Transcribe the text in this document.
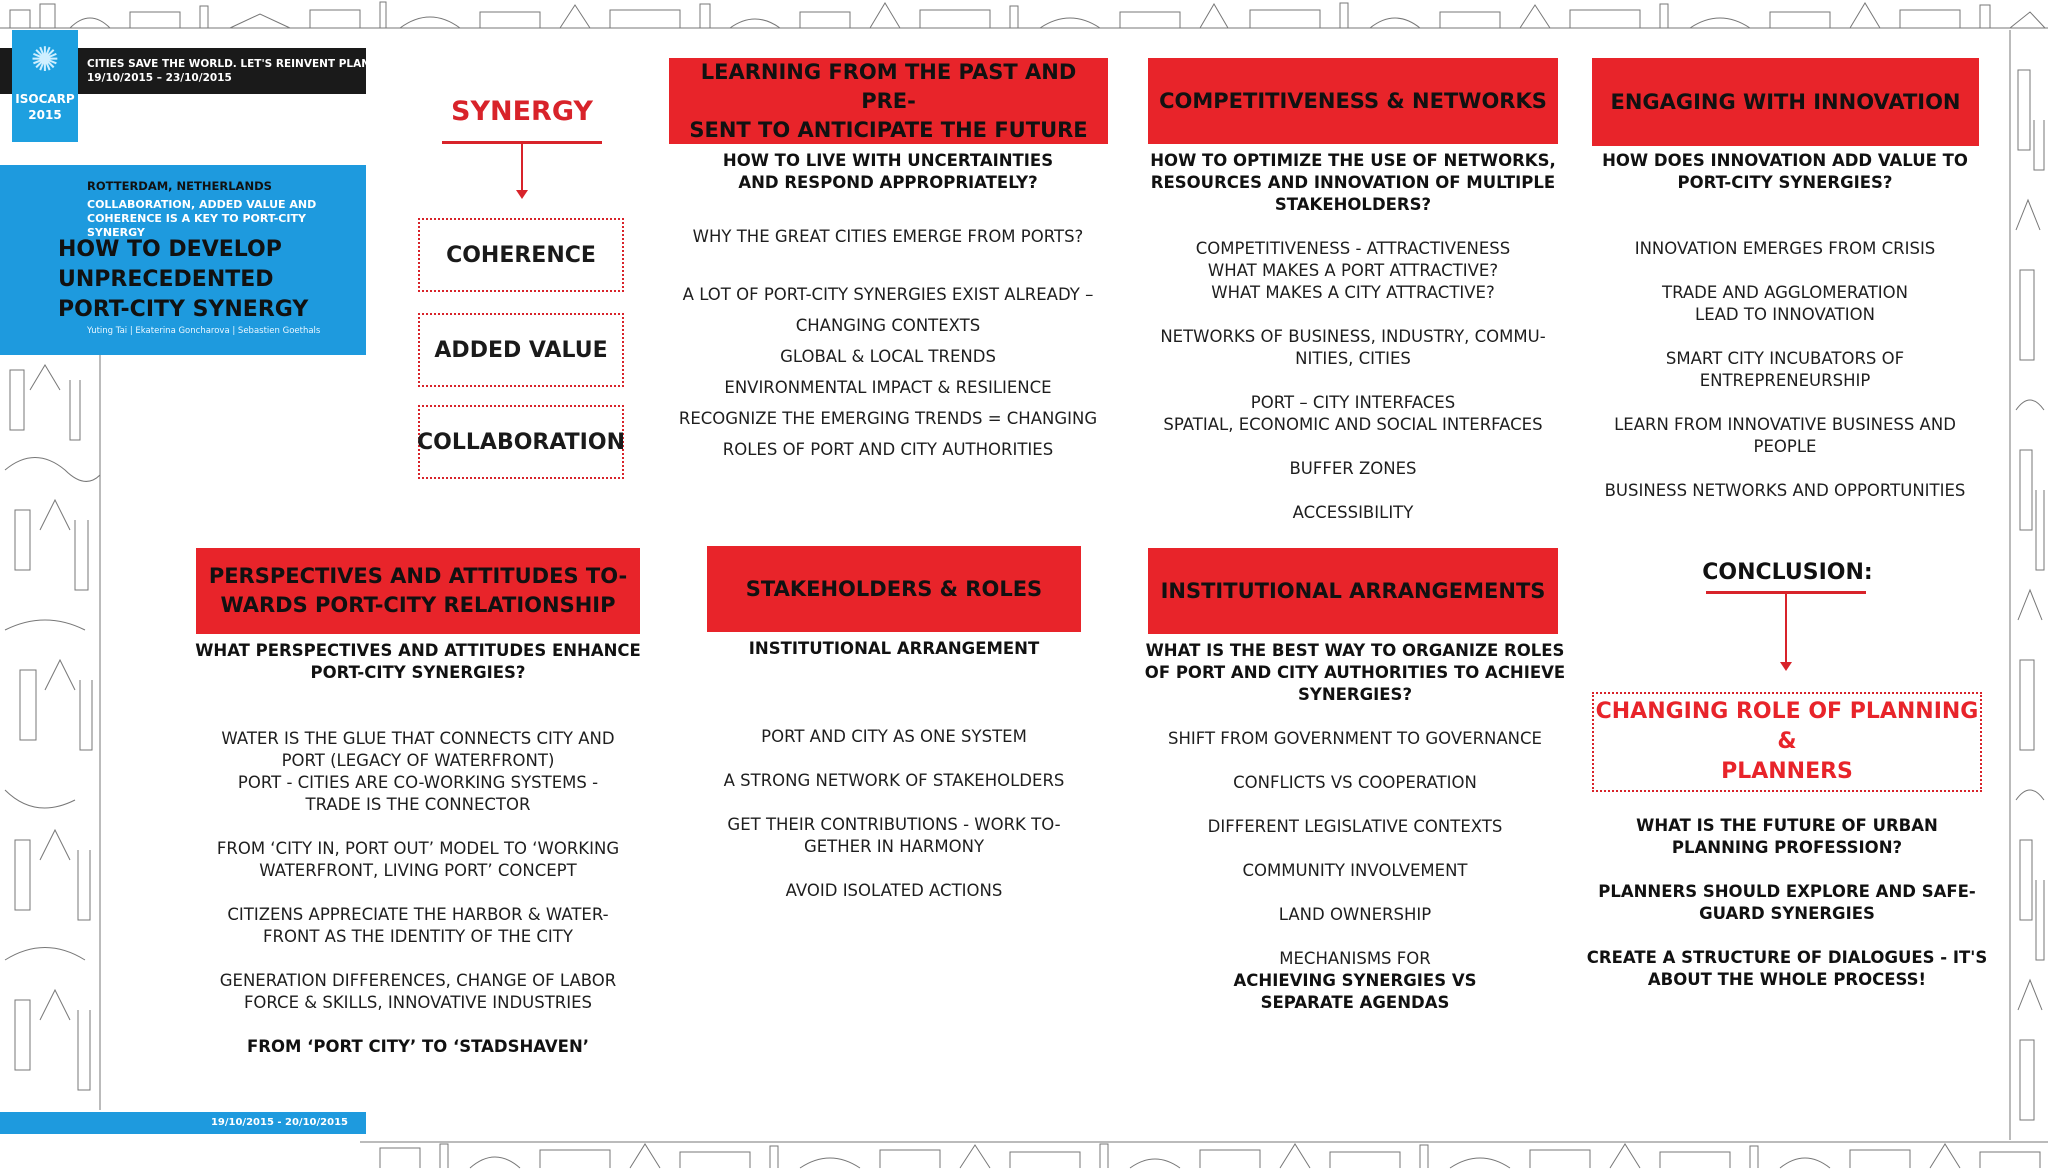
CITIES SAVE THE WORLD. LET'S REINVENT PLANNING.
19/10/2015 – 23/10/2015
✺
ISOCARP
2015
ROTTERDAM, NETHERLANDS
COLLABORATION, ADDED VALUE AND COHERENCE IS A KEY TO PORT-CITY SYNERGY
HOW TO DEVELOP
UNPRECEDENTED
PORT-CITY SYNERGY
Yuting Tai | Ekaterina Goncharova | Sebastien Goethals
19/10/2015 - 20/10/2015
SYNERGY
COHERENCE
ADDED VALUE
COLLABORATION
LEARNING FROM THE PAST AND PRE-
SENT TO ANTICIPATE THE FUTURE
COMPETITIVENESS & NETWORKS	ENGAGING WITH INNOVATION
HOW TO LIVE WITH UNCERTAINTIES
AND RESPOND APPROPRIATELY?
WHY THE GREAT CITIES EMERGE FROM PORTS?
A LOT OF PORT-CITY SYNERGIES EXIST ALREADY –
CHANGING CONTEXTS
GLOBAL & LOCAL TRENDS
ENVIRONMENTAL IMPACT & RESILIENCE
RECOGNIZE THE EMERGING TRENDS = CHANGING
ROLES OF PORT AND CITY AUTHORITIES
HOW TO OPTIMIZE THE USE OF NETWORKS,
RESOURCES AND INNOVATION OF MULTIPLE
STAKEHOLDERS?
COMPETITIVENESS - ATTRACTIVENESS
WHAT MAKES A PORT ATTRACTIVE?
WHAT MAKES A CITY ATTRACTIVE?
NETWORKS OF BUSINESS, INDUSTRY, COMMU-
NITIES, CITIES
PORT – CITY INTERFACES
SPATIAL, ECONOMIC AND SOCIAL INTERFACES
BUFFER ZONES
ACCESSIBILITY
HOW DOES INNOVATION ADD VALUE TO
PORT-CITY SYNERGIES?
INNOVATION EMERGES FROM CRISIS
TRADE AND AGGLOMERATION
LEAD TO INNOVATION
SMART CITY INCUBATORS OF
ENTREPRENEURSHIP
LEARN FROM INNOVATIVE BUSINESS AND
PEOPLE
BUSINESS NETWORKS AND OPPORTUNITIES
PERSPECTIVES AND ATTITUDES TO-
WARDS PORT-CITY RELATIONSHIP
STAKEHOLDERS & ROLES	INSTITUTIONAL ARRANGEMENTS
WHAT PERSPECTIVES AND ATTITUDES ENHANCE
PORT-CITY SYNERGIES?
WATER IS THE GLUE THAT CONNECTS CITY AND
PORT (LEGACY OF WATERFRONT)
PORT - CITIES ARE CO-WORKING SYSTEMS -
TRADE IS THE CONNECTOR
FROM ‘CITY IN, PORT OUT’ MODEL TO ‘WORKING
WATERFRONT, LIVING PORT’ CONCEPT
CITIZENS APPRECIATE THE HARBOR & WATER-
FRONT AS THE IDENTITY OF THE CITY
GENERATION DIFFERENCES, CHANGE OF LABOR
FORCE & SKILLS, INNOVATIVE INDUSTRIES
FROM ‘PORT CITY’ TO ‘STADSHAVEN’
INSTITUTIONAL ARRANGEMENT
PORT AND CITY AS ONE SYSTEM
A STRONG NETWORK OF STAKEHOLDERS
GET THEIR CONTRIBUTIONS - WORK TO-
GETHER IN HARMONY
AVOID ISOLATED ACTIONS
WHAT IS THE BEST WAY TO ORGANIZE ROLES
OF PORT AND CITY AUTHORITIES TO ACHIEVE
SYNERGIES?
SHIFT FROM GOVERNMENT TO GOVERNANCE
CONFLICTS VS COOPERATION
DIFFERENT LEGISLATIVE CONTEXTS
COMMUNITY INVOLVEMENT
LAND OWNERSHIP
MECHANISMS FOR
ACHIEVING SYNERGIES VS
SEPARATE AGENDAS
CONCLUSION:
CHANGING ROLE OF PLANNING &
PLANNERS
WHAT IS THE FUTURE OF URBAN
PLANNING PROFESSION?
PLANNERS SHOULD EXPLORE AND SAFE-
GUARD SYNERGIES
CREATE A STRUCTURE OF DIALOGUES - IT'S
ABOUT THE WHOLE PROCESS!
